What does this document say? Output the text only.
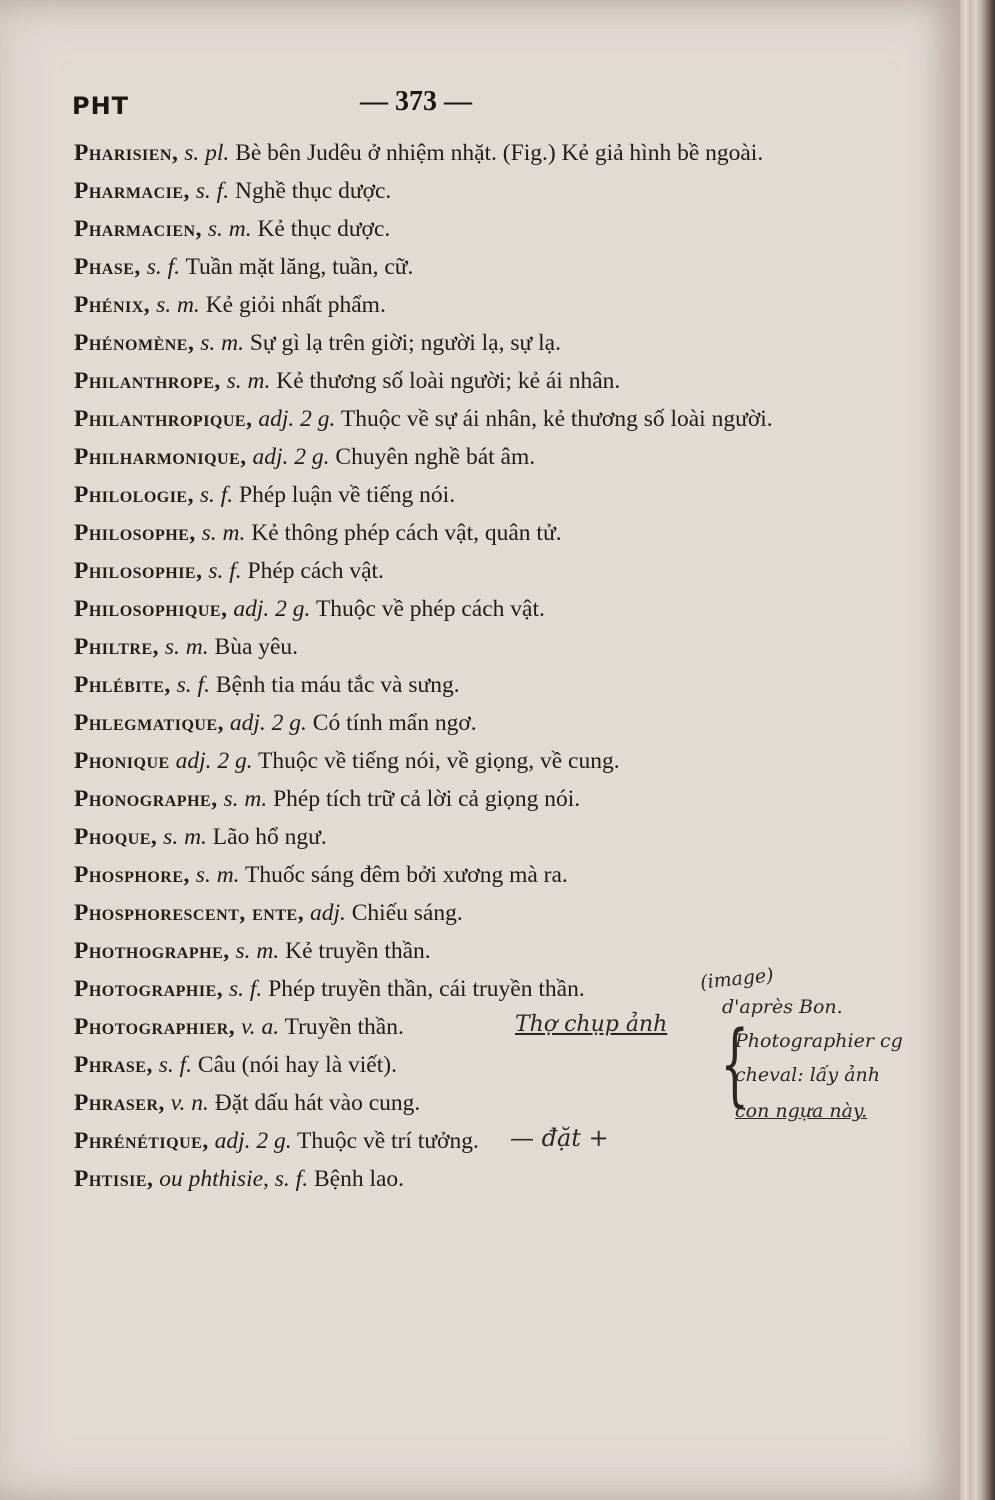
PHT	— 373 —
Pharisien, s. pl. Bè bên Judêu ở nhiệm nhặt. (Fig.) Kẻ giả hình bề ngoài.
Pharmacie, s. f. Nghề thục dược.
Pharmacien, s. m. Kẻ thục dược.
Phase, s. f. Tuần mặt lăng, tuần, cữ.
Phénix, s. m. Kẻ giỏi nhất phẩm.
Phénomène, s. m. Sự gì lạ trên giời; người lạ, sự lạ.
Philanthrope, s. m. Kẻ thương số loài người; kẻ ái nhân.
Philanthropique, adj. 2 g. Thuộc về sự ái nhân, kẻ thương số loài người.
Philharmonique, adj. 2 g. Chuyên nghề bát âm.
Philologie, s. f. Phép luận về tiếng nói.
Philosophe, s. m. Kẻ thông phép cách vật, quân tử.
Philosophie, s. f. Phép cách vật.
Philosophique, adj. 2 g. Thuộc về phép cách vật.
Philtre, s. m. Bùa yêu.
Phlébite, s. f. Bệnh tia máu tắc và sưng.
Phlegmatique, adj. 2 g. Có tính mẩn ngơ.
Phonique adj. 2 g. Thuộc về tiếng nói, về giọng, về cung.
Phonographe, s. m. Phép tích trữ cả lời cả giọng nói.
Phoque, s. m. Lão hổ ngư.
Phosphore, s. m. Thuốc sáng đêm bởi xương mà ra.
Phosphorescent, ente, adj. Chiếu sáng.
Phothographe, s. m. Kẻ truyền thần.
Photographie, s. f. Phép truyền thần, cái truyền thần.
Photographier, v. a. Truyền thần.
Phrase, s. f. Câu (nói hay là viết).
Phraser, v. n. Đặt dấu hát vào cung.
Phrénétique, adj. 2 g. Thuộc về trí tưởng.
Phtisie, ou phthisie, s. f. Bệnh lao.
(image)
Thợ chụp ảnh
d'après Bon.
{
Photographier cg
cheval: lấy ảnh
con ngựa này.
— đặt +
